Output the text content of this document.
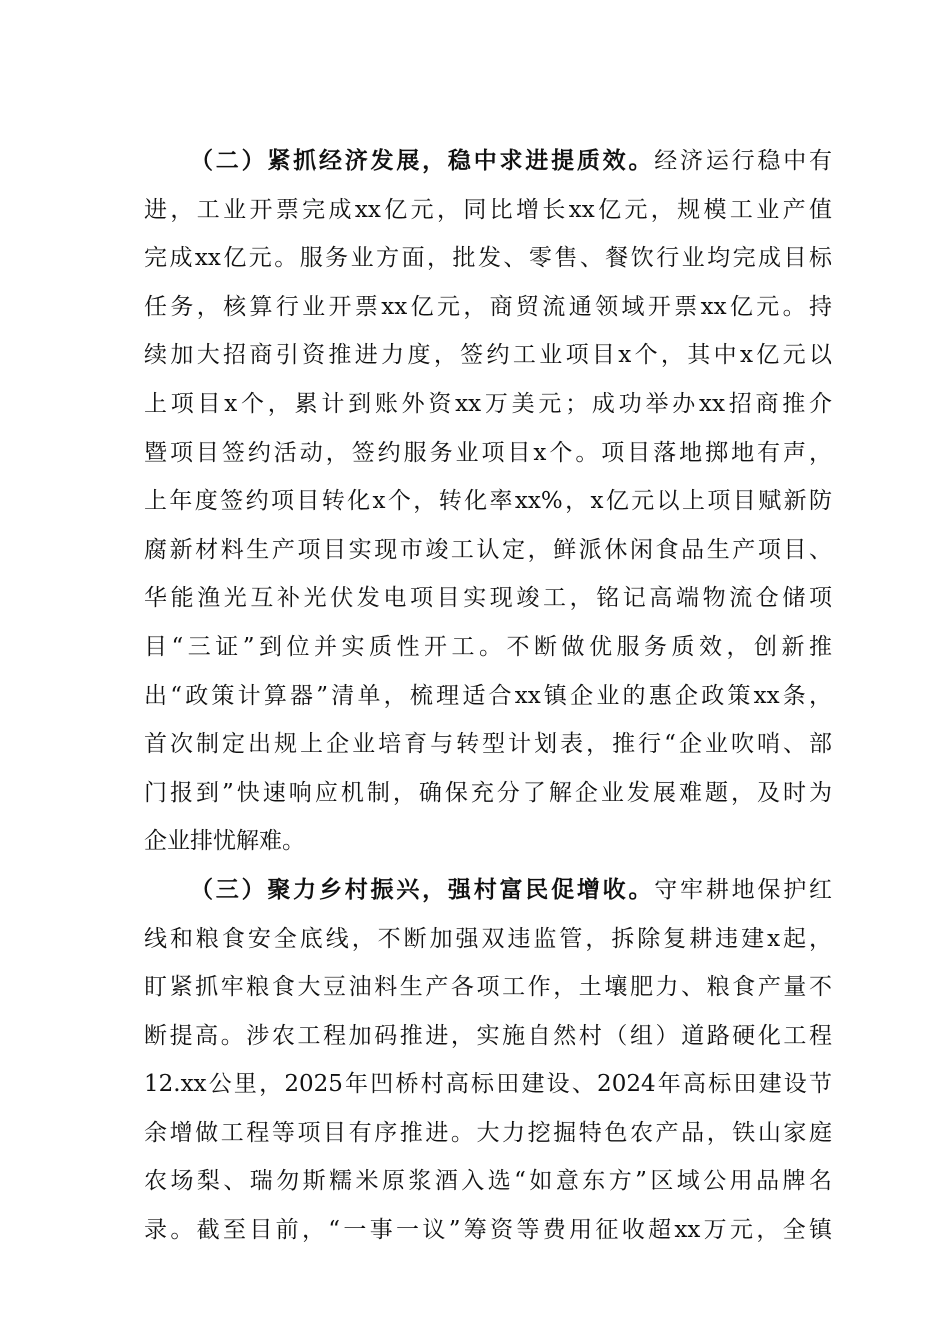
（二）紧抓经济发展，稳中求进提质效。经济运行稳中有
进，工业开票完成xx亿元，同比增长xx亿元，规模工业产值
完成xx亿元。服务业方面，批发、零售、餐饮行业均完成目标
任务，核算行业开票xx亿元，商贸流通领域开票xx亿元。持
续加大招商引资推进力度，签约工业项目x个，其中x亿元以
上项目x个，累计到账外资xx万美元；成功举办xx招商推介
暨项目签约活动，签约服务业项目x个。项目落地掷地有声，
上年度签约项目转化x个，转化率xx%，x亿元以上项目赋新防
腐新材料生产项目实现市竣工认定，鲜派休闲食品生产项目、
华能渔光互补光伏发电项目实现竣工，铭记高端物流仓储项
目“三证”到位并实质性开工。不断做优服务质效，创新推
出“政策计算器”清单，梳理适合xx镇企业的惠企政策xx条，
首次制定出规上企业培育与转型计划表，推行“企业吹哨、部
门报到”快速响应机制，确保充分了解企业发展难题，及时为
企业排忧解难。
（三）聚力乡村振兴，强村富民促增收。守牢耕地保护红
线和粮食安全底线，不断加强双违监管，拆除复耕违建x起，
盯紧抓牢粮食大豆油料生产各项工作，土壤肥力、粮食产量不
断提高。涉农工程加码推进，实施自然村（组）道路硬化工程
12.xx公里，2025年凹桥村高标田建设、2024年高标田建设节
余增做工程等项目有序推进。大力挖掘特色农产品，铁山家庭
农场梨、瑞勿斯糯米原浆酒入选“如意东方”区域公用品牌名
录。截至目前，“一事一议”筹资等费用征收超xx万元，全镇
